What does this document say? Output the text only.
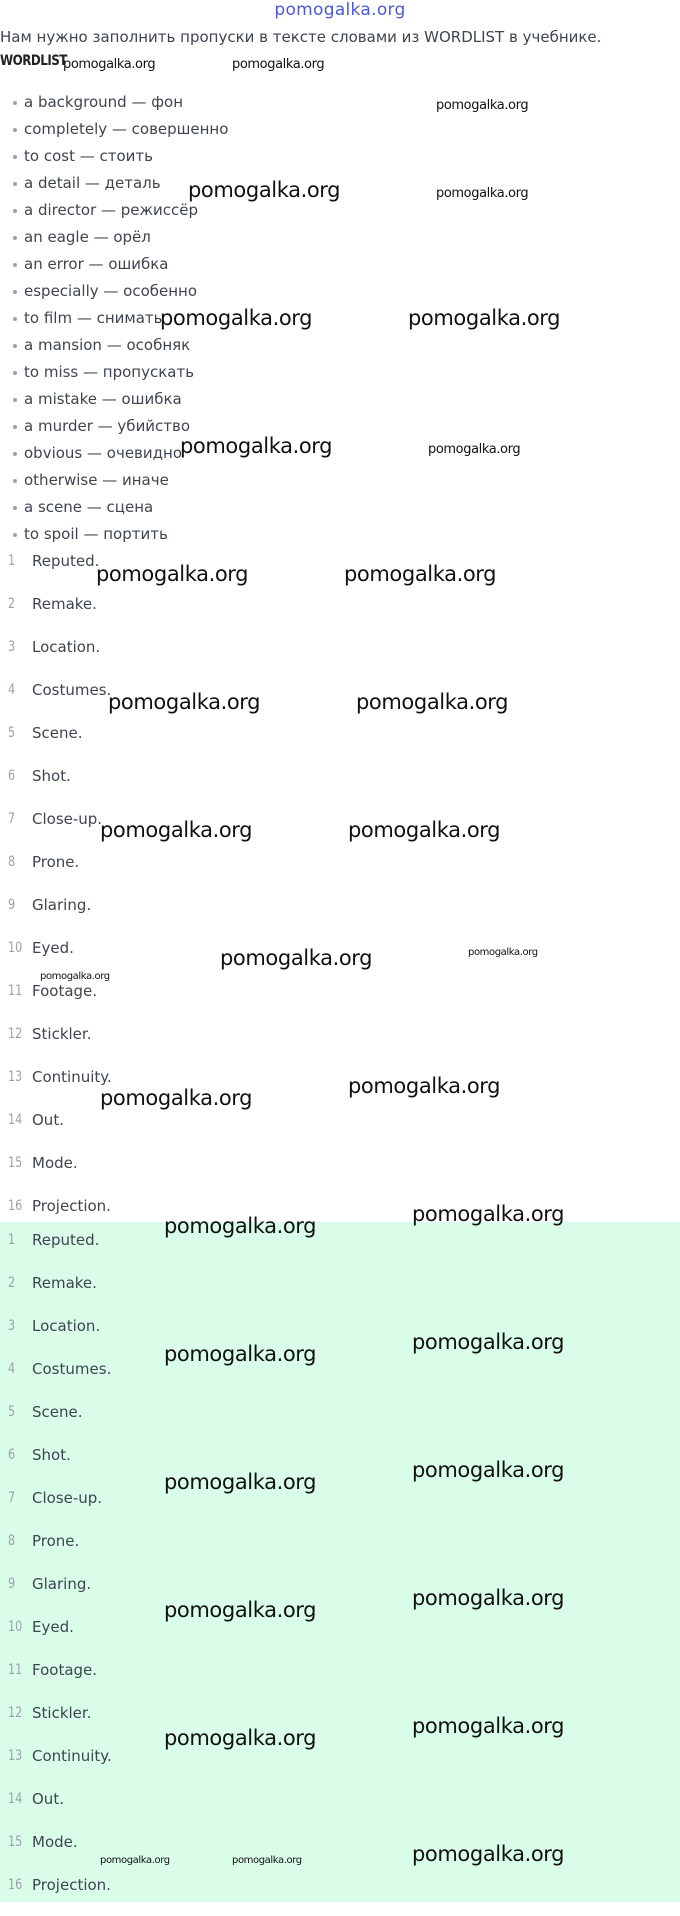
pomogalka.org
Нам нужно заполнить пропуски в тексте словами из WORDLIST в учебнике.
WORDLIST
a background — фон
completely — совершенно
to cost — стоить
a detail — деталь
a director — режиссёр
an eagle — орёл
an error — ошибка
especially — особенно
to film — снимать
a mansion — особняк
to miss — пропускать
a mistake — ошибка
a murder — убийство
obvious — очевидно
otherwise — иначе
a scene — сцена
to spoil — портить
1	Reputed.
2	Remake.
3	Location.
4	Costumes.
5	Scene.
6	Shot.
7	Close-up.
8	Prone.
9	Glaring.
10 Eyed.
11 Footage.
12 Stickler.
13 Continuity.
14 Out.
15 Mode.
16 Projection.
1	Reputed.
2	Remake.
3	Location.
4	Costumes.
5	Scene.
6	Shot.
7	Close-up.
8	Prone.
9	Glaring.
10 Eyed.
11 Footage.
12 Stickler.
13 Continuity.
14 Out.
15 Mode.
16 Projection.
pomogalka.org	pomogalka.org
pomogalka.org
pomogalka.org	pomogalka.org
pomogalka.org	pomogalka.org
pomogalka.org	pomogalka.org
pomogalka.org	pomogalka.org
pomogalka.org	pomogalka.org
pomogalka.org	pomogalka.org
pomogalka.org	pomogalka.org
pomogalka.org
pomogalka.org
pomogalka.org
pomogalka.org
pomogalka.org
pomogalka.org
pomogalka.org
pomogalka.org
pomogalka.org
pomogalka.org
pomogalka.org
pomogalka.org
pomogalka.org
pomogalka.org
pomogalka.org	pomogalka.org
